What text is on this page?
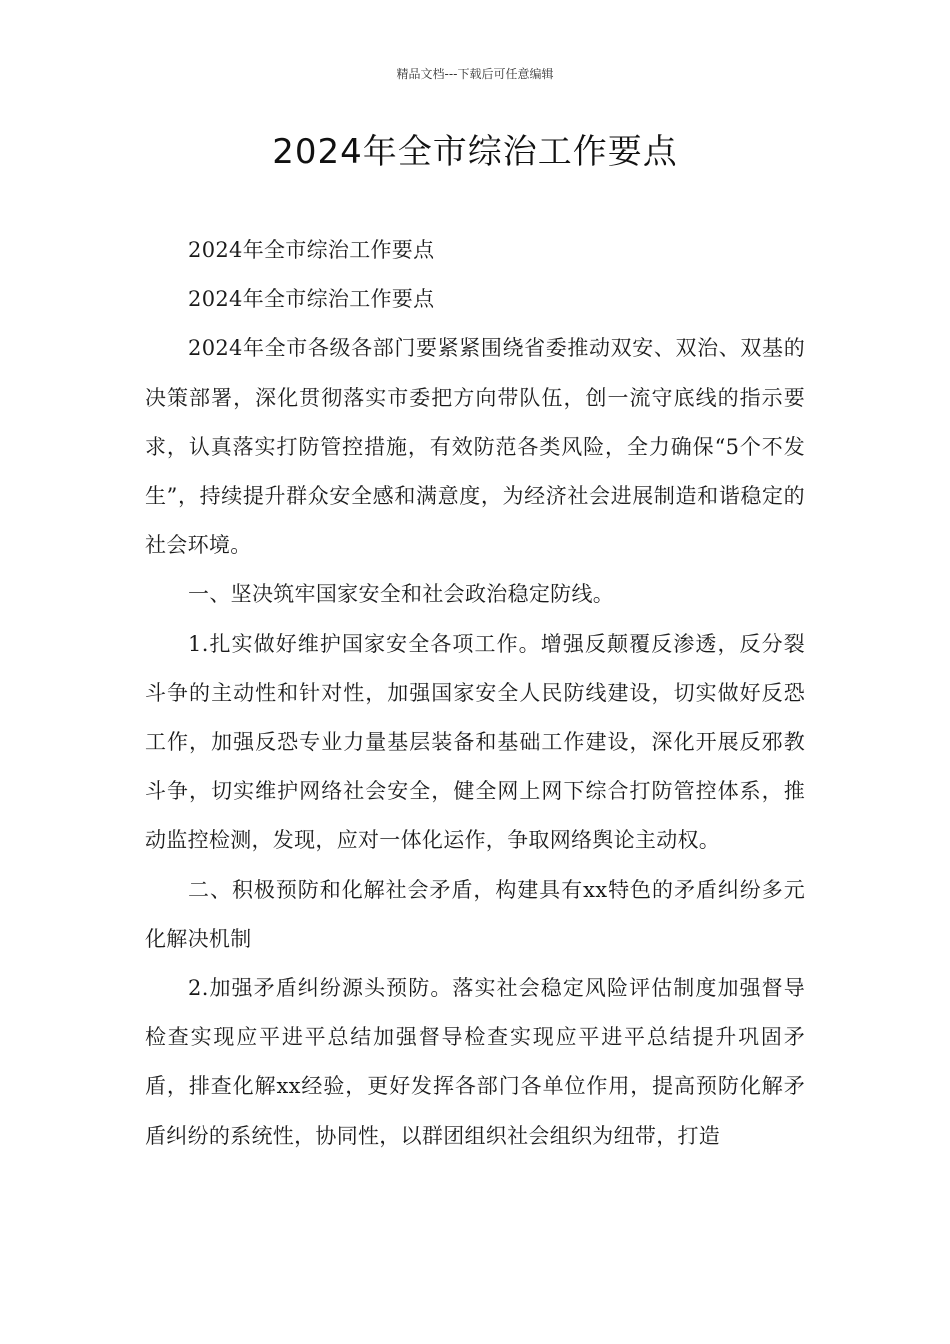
精品文档---下载后可任意编辑
2024年全市综治工作要点

2024年全市综治工作要点

2024年全市综治工作要点

2024年全市各级各部门要紧紧围绕省委推动双安、双治、双基的决策部署，深化贯彻落实市委把方向带队伍，创一流守底线的指示要求，认真落实打防管控措施，有效防范各类风险，全力确保“5个不发生”，持续提升群众安全感和满意度，为经济社会进展制造和谐稳定的社会环境。

一、坚决筑牢国家安全和社会政治稳定防线。

1.扎实做好维护国家安全各项工作。增强反颠覆反渗透，反分裂斗争的主动性和针对性，加强国家安全人民防线建设，切实做好反恐工作，加强反恐专业力量基层装备和基础工作建设，深化开展反邪教斗争，切实维护网络社会安全，健全网上网下综合打防管控体系，推动监控检测，发现，应对一体化运作，争取网络舆论主动权。

二、积极预防和化解社会矛盾，构建具有xx特色的矛盾纠纷多元化解决机制

2.加强矛盾纠纷源头预防。落实社会稳定风险评估制度加强督导检查实现应平进平总结加强督导检查实现应平进平总结提升巩固矛盾，排查化解xx经验，更好发挥各部门各单位作用，提高预防化解矛盾纠纷的系统性，协同性，以群团组织社会组织为纽带，打造
